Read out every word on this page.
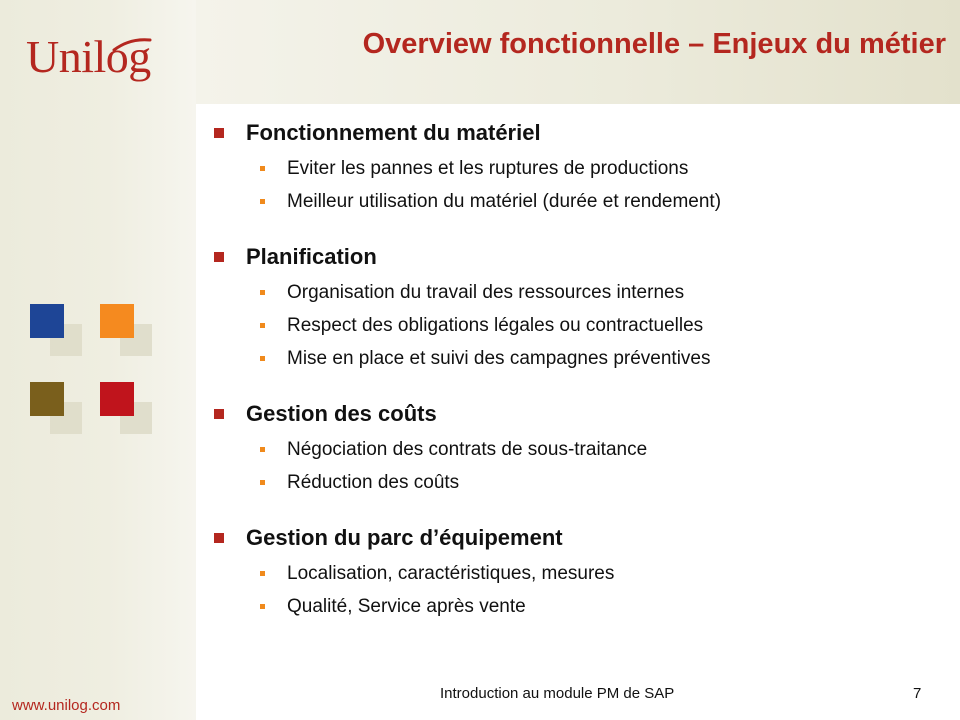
Unilog	Overview fonctionnelle – Enjeux du métier
Fonctionnement du matériel
Eviter les pannes et les ruptures de productions
Meilleur utilisation du matériel (durée et rendement)
Planification
Organisation du travail des ressources internes
Respect des obligations légales ou contractuelles
Mise en place et suivi des campagnes préventives
Gestion des coûts
Négociation des contrats de sous-traitance
Réduction des coûts
Gestion du parc d’équipement
Localisation, caractéristiques, mesures
Qualité, Service après vente
www.unilog.com
Introduction au module PM de SAP	7
